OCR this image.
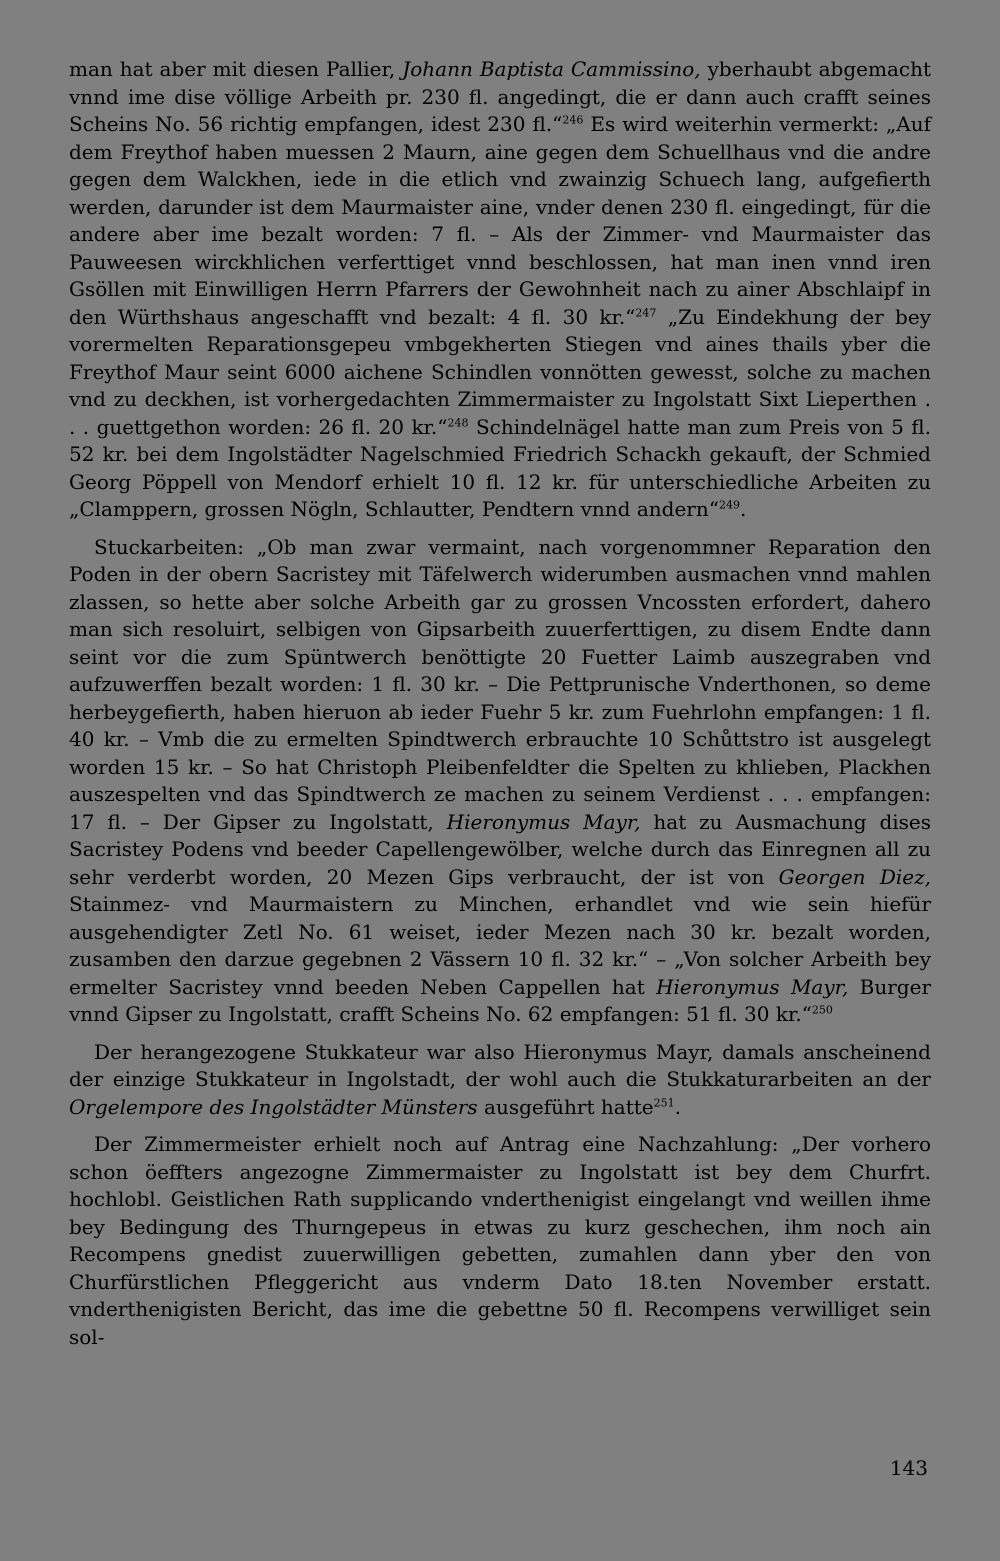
man hat aber mit diesen Pallier, Johann Baptista Cammissino, yberhaubt abgemacht vnnd ime dise völlige Arbeith pr. 230 fl. angedingt, die er dann auch crafft seines Scheins No. 56 richtig empfangen, idest 230 fl.“$^{246}$ Es wird weiterhin vermerkt: „Auf dem Freythof haben muessen 2 Maurn, aine gegen dem Schuellhaus vnd die andre gegen dem Walckhen, iede in die etlich vnd zwainzig Schuech lang, aufgefierth werden, darunder ist dem Maurmaister aine, vnder denen 230 fl. eingedingt, für die andere aber ime bezalt worden: 7 fl. – Als der Zimmer- vnd Maurmaister das Pauweesen wirckhlichen verferttiget vnnd beschlossen, hat man inen vnnd iren Gsöllen mit Einwilligen Herrn Pfarrers der Gewohnheit nach zu ainer Abschlaipf in den Würthshaus angeschafft vnd bezalt: 4 fl. 30 kr.“$^{247}$ „Zu Eindekhung der bey vorermelten Reparationsgepeu vmbgekherten Stiegen vnd aines thails yber die Freythof Maur seint 6000 aichene Schindlen vonnötten gewesst, solche zu machen vnd zu deckhen, ist vorhergedachten Zimmermaister zu Ingolstatt Sixt Lieperthen . . . guettgethon worden: 26 fl. 20 kr.“$^{248}$ Schindelnägel hatte man zum Preis von 5 fl. 52 kr. bei dem Ingolstädter Nagelschmied Friedrich Schackh gekauft, der Schmied Georg Pöppell von Mendorf erhielt 10 fl. 12 kr. für unterschiedliche Arbeiten zu „Clamppern, grossen Nögln, Schlautter, Pendtern vnnd andern“$^{249}$.

Stuckarbeiten: „Ob man zwar vermaint, nach vorgenommner Reparation den Poden in der obern Sacristey mit Täfelwerch widerumben ausmachen vnnd mahlen zlassen, so hette aber solche Arbeith gar zu grossen Vncossten erfordert, dahero man sich resoluirt, selbigen von Gipsarbeith zuuerferttigen, zu disem Endte dann seint vor die zum Spüntwerch benöttigte 20 Fuetter Laimb auszegraben vnd aufzuwerffen bezalt worden: 1 fl. 30 kr. – Die Pettprunische Vnderthonen, so deme herbeygefierth, haben hieruon ab ieder Fuehr 5 kr. zum Fuehrlohn empfangen: 1 fl. 40 kr. – Vmb die zu ermelten Spindtwerch erbrauchte 10 Schůttstro ist ausgelegt worden 15 kr. – So hat Christoph Pleibenfeldter die Spelten zu khlieben, Plackhen auszespelten vnd das Spindtwerch ze machen zu seinem Verdienst . . . empfangen: 17 fl. – Der Gipser zu Ingolstatt, Hieronymus Mayr, hat zu Ausmachung dises Sacristey Podens vnd beeder Capellengewölber, welche durch das Einregnen all zu sehr verderbt worden, 20 Mezen Gips verbraucht, der ist von Georgen Diez, Stainmez- vnd Maurmaistern zu Minchen, erhandlet vnd wie sein hiefür ausgehendigter Zetl No. 61 weiset, ieder Mezen nach 30 kr. bezalt worden, zusamben den darzue gegebnen 2 Vässern 10 fl. 32 kr.“ – „Von solcher Arbeith bey ermelter Sacristey vnnd beeden Neben Cappellen hat Hieronymus Mayr, Burger vnnd Gipser zu Ingolstatt, crafft Scheins No. 62 empfangen: 51 fl. 30 kr.“$^{250}$

Der herangezogene Stukkateur war also Hieronymus Mayr, damals anscheinend der einzige Stukkateur in Ingolstadt, der wohl auch die Stukkaturarbeiten an der Orgelempore des Ingolstädter Münsters ausgeführt hatte$^{251}$.

Der Zimmermeister erhielt noch auf Antrag eine Nachzahlung: „Der vorhero schon öeffters angezogne Zimmermaister zu Ingolstatt ist bey dem Churfrt. hochlobl. Geistlichen Rath supplicando vnderthenigist eingelangt vnd weillen ihme bey Bedingung des Thurngepeus in etwas zu kurz geschechen, ihm noch ain Recompens gnedist zuuerwilligen gebetten, zumahlen dann yber den von Churfürstlichen Pfleggericht aus vnderm Dato 18.ten November erstatt. vnderthenigisten Bericht, das ime die gebettne 50 fl. Recompens verwilliget sein sol-

143
